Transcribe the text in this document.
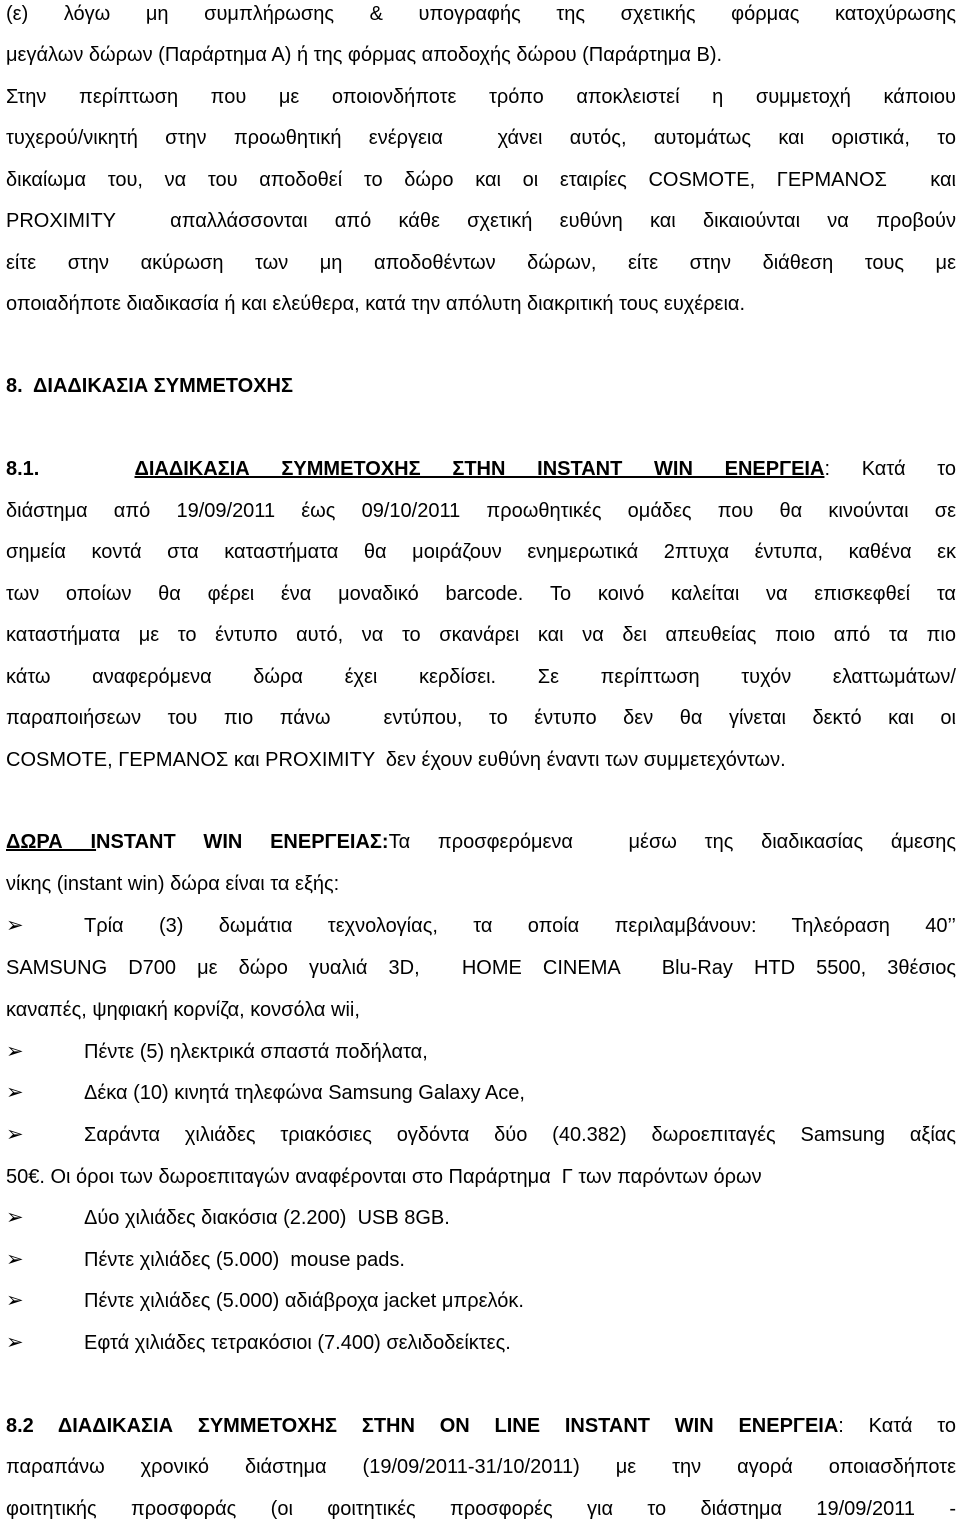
(ε) λόγω μη συμπλήρωσης & υπογραφής της σχετικής φόρμας κατοχύρωσης
μεγάλων δώρων (Παράρτημα Α) ή της φόρμας αποδοχής δώρου (Παράρτημα Β).
Στην περίπτωση που με οποιονδήποτε τρόπο αποκλειστεί η συμμετοχή κάποιου
τυχερού/νικητή στην προωθητική ενέργεια  χάνει αυτός, αυτομάτως και οριστικά, το
δικαίωμα του, να του αποδοθεί το δώρο και οι εταιρίες COSMOTE, ΓΕΡΜΑΝΟΣ  και
PROXIMITY  απαλλάσσονται από κάθε σχετική ευθύνη και δικαιούνται να προβούν
είτε στην ακύρωση των μη αποδοθέντων δώρων, είτε στην διάθεση τους με
οποιαδήποτε διαδικασία ή και ελεύθερα, κατά την απόλυτη διακριτική τους ευχέρεια.
8.  ΔΙΑΔΙΚΑΣΙΑ ΣΥΜΜΕΤΟΧΗΣ
8.1.	ΔΙΑΔΙΚΑΣΙΑ ΣΥΜΜΕΤΟΧΗΣ ΣΤΗΝ INSTANT WIN ΕΝΕΡΓΕΙΑ: Κατά το
διάστημα από 19/09/2011 έως 09/10/2011 προωθητικές ομάδες που θα κινούνται σε
σημεία κοντά στα καταστήματα θα μοιράζουν ενημερωτικά 2πτυχα έντυπα, καθένα εκ
των οποίων θα φέρει ένα μοναδικό barcode. Το κοινό καλείται να επισκεφθεί τα
καταστήματα με το έντυπο αυτό, να το σκανάρει και να δει απευθείας ποιο από τα πιο
κάτω αναφερόμενα δώρα έχει κερδίσει. Σε περίπτωση τυχόν ελαττωμάτων/
παραποιήσεων του πιο πάνω  εντύπου, το έντυπο δεν θα γίνεται δεκτό και οι
COSMOTE, ΓΕΡΜΑΝΟΣ και PROXIMITY  δεν έχουν ευθύνη έναντι των συμμετεχόντων.
ΔΩΡΑ INSTANT WIN ΕΝΕΡΓΕΙΑΣ:Τα προσφερόμενα  μέσω της διαδικασίας άμεσης
νίκης (instant win) δώρα είναι τα εξής:
➢	Τρία (3) δωμάτια τεχνολογίας, τα οποία περιλαμβάνουν: Τηλεόραση 40’’
SAMSUNG D700 με δώρο γυαλιά 3D,  HOME CINEMA  Blu-Ray HTD 5500, 3θέσιος
καναπές, ψηφιακή κορνίζα, κονσόλα wii,
➢	Πέντε (5) ηλεκτρικά σπαστά ποδήλατα,
➢	Δέκα (10) κινητά τηλεφώνα Samsung Galaxy Ace,
➢	Σαράντα χιλιάδες τριακόσιες ογδόντα δύο (40.382) δωροεπιταγές Samsung αξίας
50€. Οι όροι των δωροεπιταγών αναφέρονται στο Παράρτημα  Γ των παρόντων όρων
➢	Δύο χιλιάδες διακόσια (2.200)  USB 8GB.
➢	Πέντε χιλιάδες (5.000)  mouse pads.
➢	Πέντε χιλιάδες (5.000) αδιάβροχα jacket μπρελόκ.
➢	Εφτά χιλιάδες τετρακόσιοι (7.400) σελιδοδείκτες.
8.2 ΔΙΑΔΙΚΑΣΙΑ ΣΥΜΜΕΤΟΧΗΣ ΣΤΗΝ ON LINE INSTANT WIN ΕΝΕΡΓΕΙΑ: Κατά το
παραπάνω χρονικό διάστημα (19/09/2011-31/10/2011) με την αγορά οποιασδήποτε
φοιτητικής προσφοράς (οι φοιτητικές προσφορές για το διάστημα 19/09/2011 -
